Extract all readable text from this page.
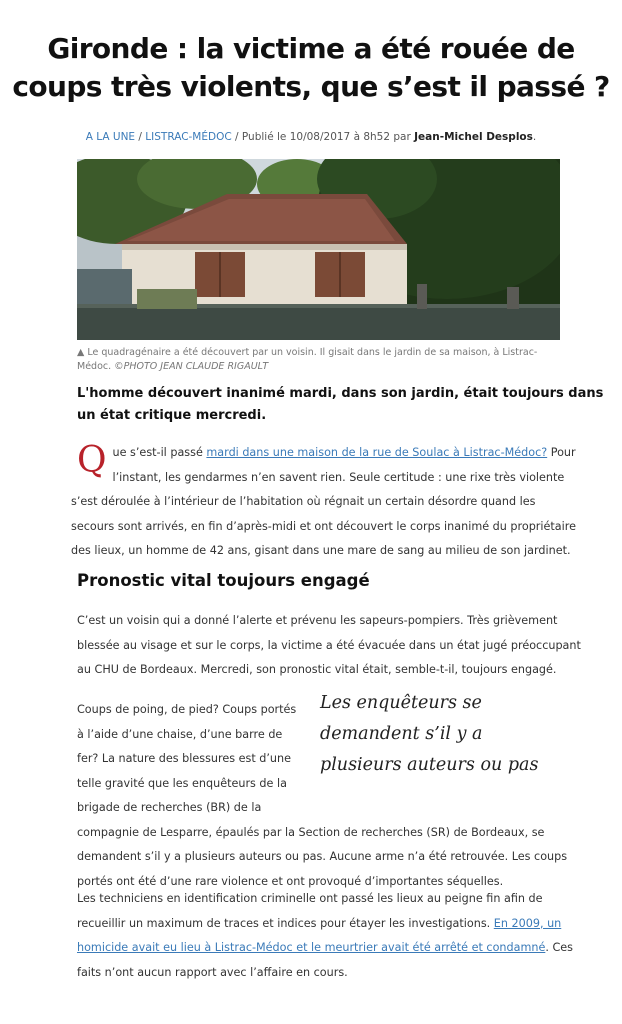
Gironde : la victime a été rouée de
coups très violents, que s’est il passé ?
A LA UNE / LISTRAC-MÉDOC / Publié le 10/08/2017 à 8h52 par Jean-Michel Desplos.
▲ Le quadragénaire a été découvert par un voisin. Il gisait dans le jardin de sa maison, à Listrac-
Médoc. ©PHOTO JEAN CLAUDE RIGAULT
L'homme découvert inanimé mardi, dans son jardin, était toujours dans
un état critique mercredi.
Q ue s’est-il passé mardi dans une maison de la rue de Soulac à Listrac-Médoc? Pour
l’instant, les gendarmes n’en savent rien. Seule certitude : une rixe très violente
s’est déroulée à l’intérieur de l’habitation où régnait un certain désordre quand les
secours sont arrivés, en fin d’après-midi et ont découvert le corps inanimé du propriétaire
des lieux, un homme de 42 ans, gisant dans une mare de sang au milieu de son jardinet.
Pronostic vital toujours engagé
C’est un voisin qui a donné l’alerte et prévenu les sapeurs-pompiers. Très grièvement
blessée au visage et sur le corps, la victime a été évacuée dans un état jugé préoccupant
au CHU de Bordeaux. Mercredi, son pronostic vital était, semble-t-il, toujours engagé.
Coups de poing, de pied? Coups portés
à l’aide d’une chaise, d’une barre de
fer? La nature des blessures est d’une
telle gravité que les enquêteurs de la
brigade de recherches (BR) de la
compagnie de Lesparre, épaulés par la Section de recherches (SR) de Bordeaux, se
demandent s’il y a plusieurs auteurs ou pas. Aucune arme n’a été retrouvée. Les coups
portés ont été d’une rare violence et ont provoqué d’importantes séquelles.
Les enquêteurs se
demandent s’il y a
plusieurs auteurs ou pas
Les techniciens en identification criminelle ont passé les lieux au peigne fin afin de
recueillir un maximum de traces et indices pour étayer les investigations. En 2009, un
homicide avait eu lieu à Listrac-Médoc et le meurtrier avait été arrêté et condamné. Ces
faits n’ont aucun rapport avec l’affaire en cours.
